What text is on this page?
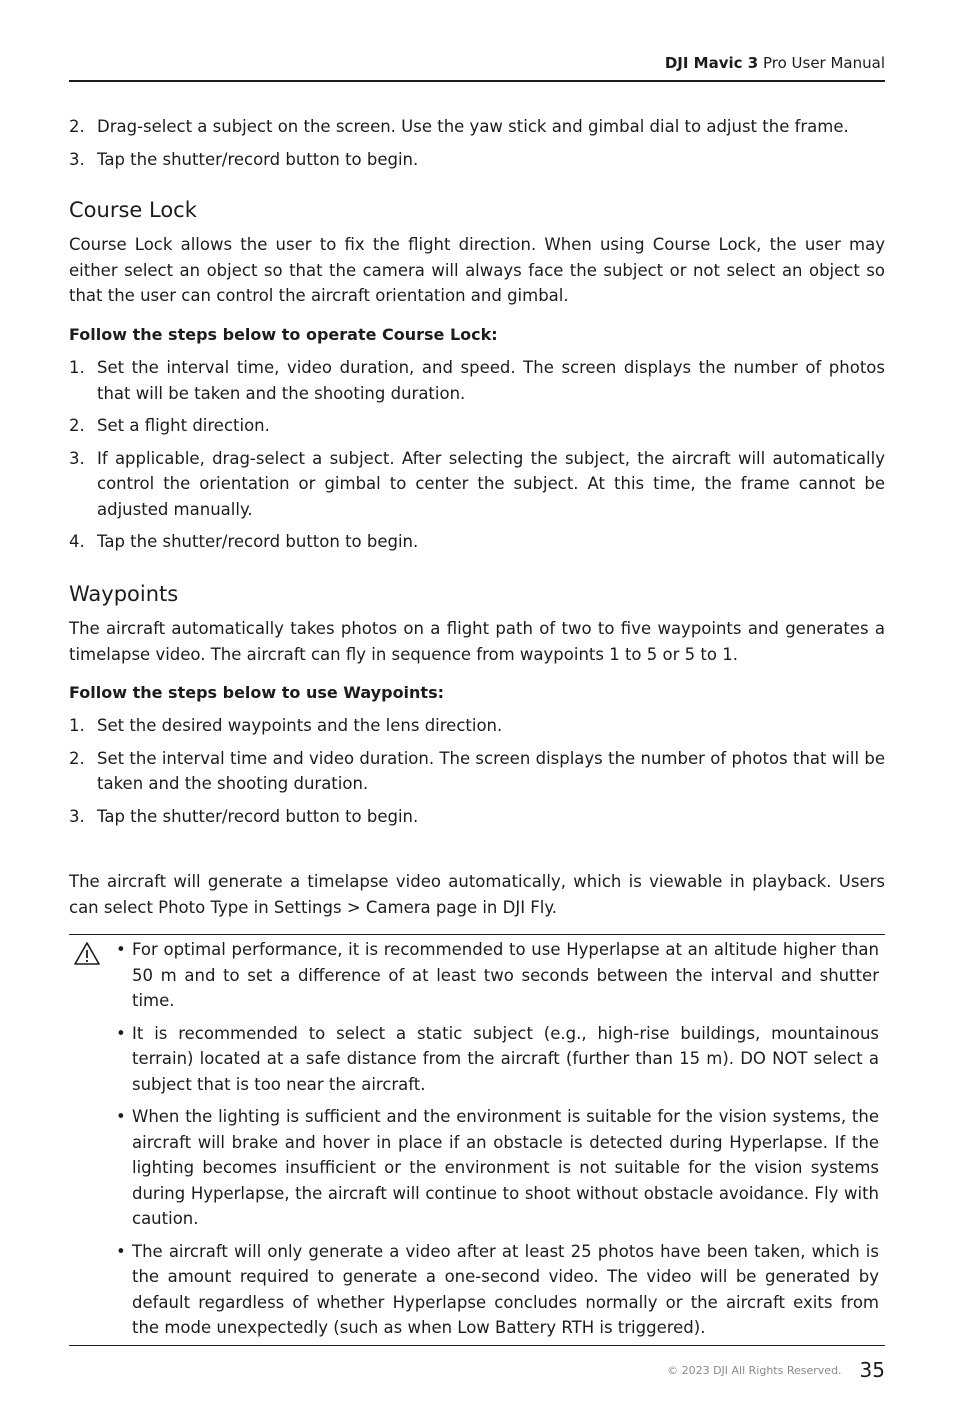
DJI Mavic 3 Pro User Manual
2. Drag-select a subject on the screen. Use the yaw stick and gimbal dial to adjust the frame.
3. Tap the shutter/record button to begin.
Course Lock

Course Lock allows the user to fix the flight direction. When using Course Lock, the user may either select an object so that the camera will always face the subject or not select an object so that the user can control the aircraft orientation and gimbal.

Follow the steps below to operate Course Lock:

1. Set the interval time, video duration, and speed. The screen displays the number of photos that will be taken and the shooting duration.
2. Set a flight direction.
3. If applicable, drag-select a subject. After selecting the subject, the aircraft will automatically control the orientation or gimbal to center the subject. At this time, the frame cannot be adjusted manually.
4. Tap the shutter/record button to begin.
Waypoints

The aircraft automatically takes photos on a flight path of two to five waypoints and generates a timelapse video. The aircraft can fly in sequence from waypoints 1 to 5 or 5 to 1.

Follow the steps below to use Waypoints:

1. Set the desired waypoints and the lens direction.
2. Set the interval time and video duration. The screen displays the number of photos that will be taken and the shooting duration.
3. Tap the shutter/record button to begin.

The aircraft will generate a timelapse video automatically, which is viewable in playback. Users can select Photo Type in Settings > Camera page in DJI Fly.

• For optimal performance, it is recommended to use Hyperlapse at an altitude higher than 50 m and to set a difference of at least two seconds between the interval and shutter time.
• It is recommended to select a static subject (e.g., high-rise buildings, mountainous terrain) located at a safe distance from the aircraft (further than 15 m). DO NOT select a subject that is too near the aircraft.
• When the lighting is sufficient and the environment is suitable for the vision systems, the aircraft will brake and hover in place if an obstacle is detected during Hyperlapse. If the lighting becomes insufficient or the environment is not suitable for the vision systems during Hyperlapse, the aircraft will continue to shoot without obstacle avoidance. Fly with caution.
• The aircraft will only generate a video after at least 25 photos have been taken, which is the amount required to generate a one-second video. The video will be generated by default regardless of whether Hyperlapse concludes normally or the aircraft exits from the mode unexpectedly (such as when Low Battery RTH is triggered).
© 2023 DJI All Rights Reserved. 35
